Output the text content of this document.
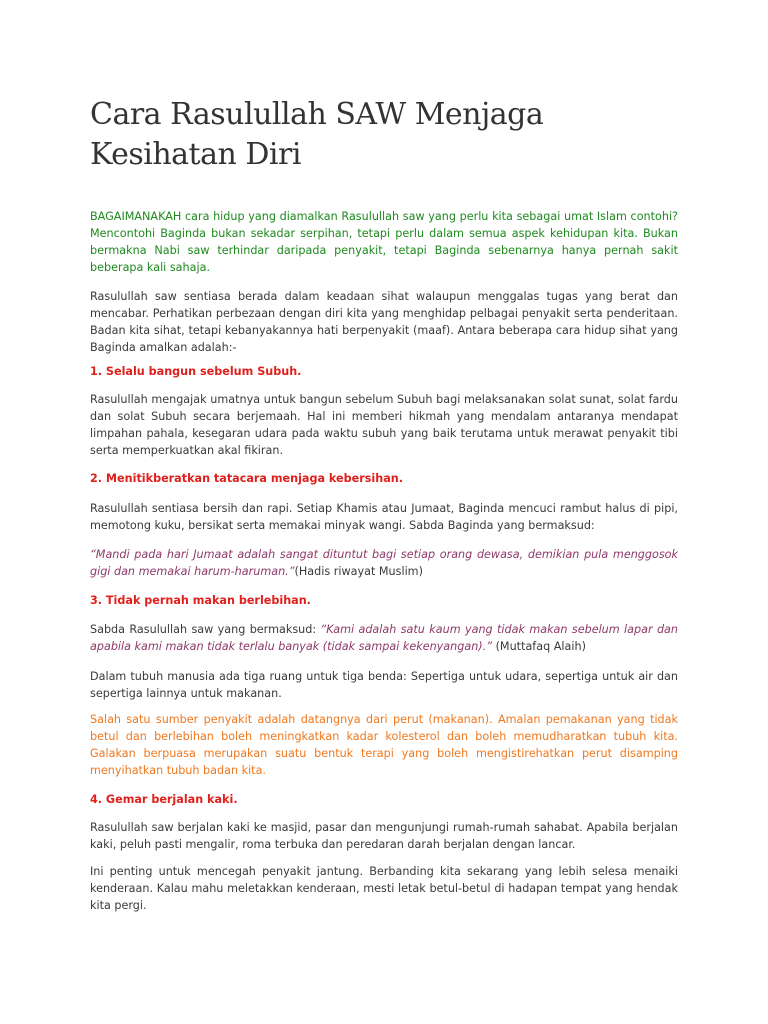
Cara Rasulullah SAW Menjaga Kesihatan Diri

BAGAIMANAKAH cara hidup yang diamalkan Rasulullah saw yang perlu kita sebagai umat Islam contohi? Mencontohi Baginda bukan sekadar serpihan, tetapi perlu dalam semua aspek kehidupan kita. Bukan bermakna Nabi saw terhindar daripada penyakit, tetapi Baginda sebenarnya hanya pernah sakit beberapa kali sahaja.

Rasulullah saw sentiasa berada dalam keadaan sihat walaupun menggalas tugas yang berat dan mencabar. Perhatikan perbezaan dengan diri kita yang menghidap pelbagai penyakit serta penderitaan. Badan kita sihat, tetapi kebanyakannya hati berpenyakit (maaf). Antara beberapa cara hidup sihat yang Baginda amalkan adalah:-

1. Selalu bangun sebelum Subuh.

Rasulullah mengajak umatnya untuk bangun sebelum Subuh bagi melaksanakan solat sunat, solat fardu dan solat Subuh secara berjemaah. Hal ini memberi hikmah yang mendalam antaranya mendapat limpahan pahala, kesegaran udara pada waktu subuh yang baik terutama untuk merawat penyakit tibi serta memperkuatkan akal fikiran.

2. Menitikberatkan tatacara menjaga kebersihan.

Rasulullah sentiasa bersih dan rapi. Setiap Khamis atau Jumaat, Baginda mencuci rambut halus di pipi, memotong kuku, bersikat serta memakai minyak wangi. Sabda Baginda yang bermaksud:

“Mandi pada hari Jumaat adalah sangat dituntut bagi setiap orang dewasa, demikian pula menggosok gigi dan memakai harum-haruman.”(Hadis riwayat Muslim)

3. Tidak pernah makan berlebihan.

Sabda Rasulullah saw yang bermaksud: “Kami adalah satu kaum yang tidak makan sebelum lapar dan apabila kami makan tidak terlalu banyak (tidak sampai kekenyangan).” (Muttafaq Alaih)

Dalam tubuh manusia ada tiga ruang untuk tiga benda: Sepertiga untuk udara, sepertiga untuk air dan sepertiga lainnya untuk makanan.

Salah satu sumber penyakit adalah datangnya dari perut (makanan). Amalan pemakanan yang tidak betul dan berlebihan boleh meningkatkan kadar kolesterol dan boleh memudharatkan tubuh kita. Galakan berpuasa merupakan suatu bentuk terapi yang boleh mengistirehatkan perut disamping menyihatkan tubuh badan kita.

4. Gemar berjalan kaki.

Rasulullah saw berjalan kaki ke masjid, pasar dan mengunjungi rumah-rumah sahabat. Apabila berjalan kaki, peluh pasti mengalir, roma terbuka dan peredaran darah berjalan dengan lancar.

Ini penting untuk mencegah penyakit jantung. Berbanding kita sekarang yang lebih selesa menaiki kenderaan. Kalau mahu meletakkan kenderaan, mesti letak betul-betul di hadapan tempat yang hendak kita pergi.
